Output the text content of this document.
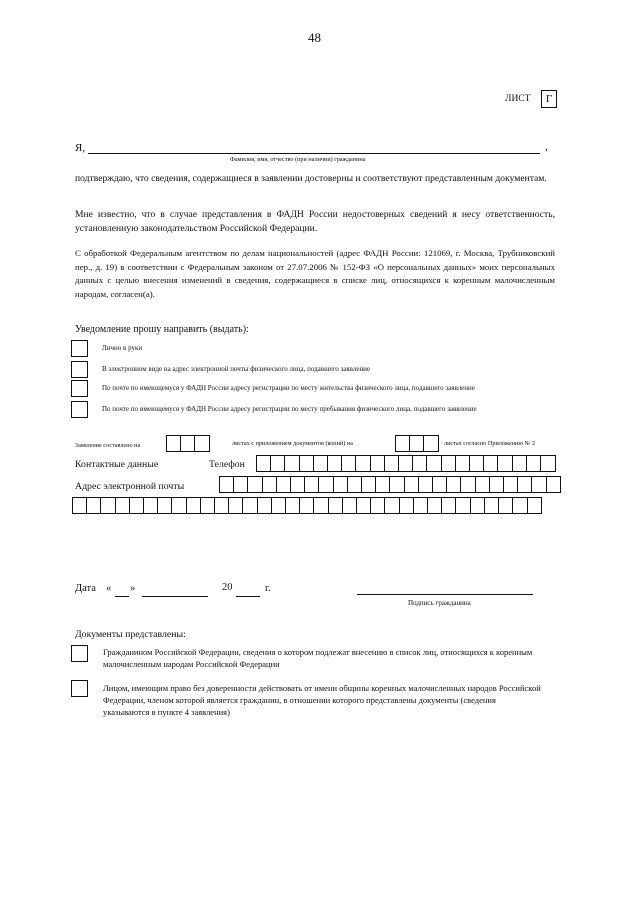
48
ЛИСТ	Г
Я,	,
Фамилия, имя, отчество (при наличии) гражданина
подтверждаю, что сведения, содержащиеся в заявлении достоверны и соответствуют представленным документам.
Мне известно, что в случае представления в ФАДН России недостоверных сведений я несу ответственность, установленную законодательством Российской Федерации.
С обработкой Федеральным агентством по делам национальностей (адрес ФАДН России: 121069, г. Москва, Трубниковский пер., д. 19) в соответствии с Федеральным законом от 27.07.2006 № 152-ФЗ «О персональных данных» моих персональных данных с целью внесения изменений в сведения, содержащиеся в списке лиц, относящихся к коренным малочисленным народам, согласен(а).
Уведомление прошу направить (выдать):
Лично в руки
В электронном виде на адрес электронной почты физического лица, подавшего заявление
По почте по имеющемуся у ФАДН России адресу регистрации по месту жительства физического лица, подавшего заявление
По почте по имеющемуся у ФАДН России адресу регистрации по месту пребывания физического лица, подавшего заявление
Заявление составлено на	листах с приложением документов (копий) на	листах согласно Приложению № 2
Контактные данные	Телефон
Адрес электронной почты
Дата « »	20	г.
Подпись гражданина
Документы представлены:
Гражданином Российской Федерации, сведения о котором подлежат внесению в список лиц, относящихся к коренным малочисленным народам Российской Федерации
Лицом, имеющим право без доверенности действовать от имени общины коренных малочисленных народов Российской Федерации, членом которой является гражданин, в отношении которого представлены документы (сведения указываются в пункте 4 заявления)
